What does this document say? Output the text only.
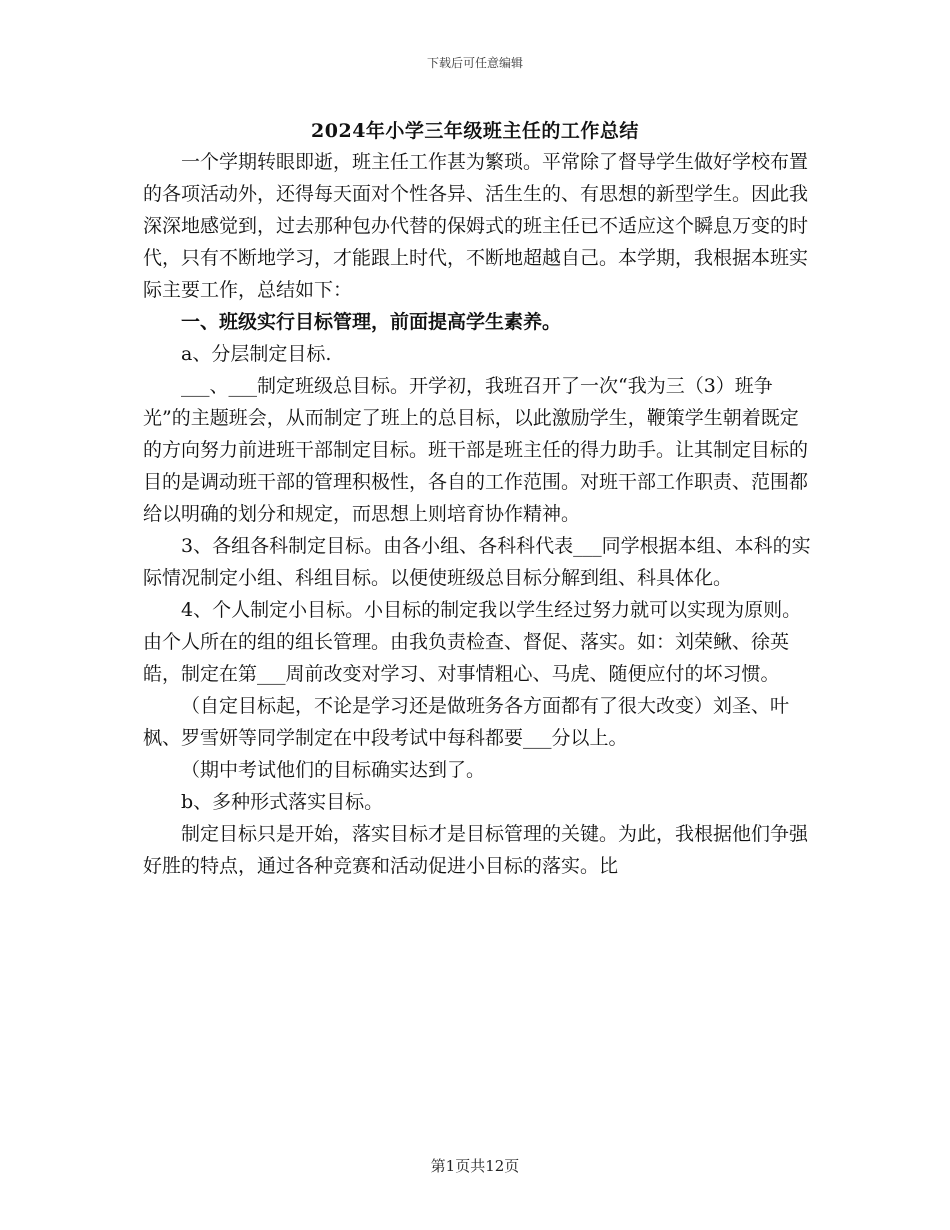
下载后可任意编辑
2024年小学三年级班主任的工作总结

一个学期转眼即逝，班主任工作甚为繁琐。平常除了督导学生做好学校布置的各项活动外，还得每天面对个性各异、活生生的、有思想的新型学生。因此我深深地感觉到，过去那种包办代替的保姆式的班主任已不适应这个瞬息万变的时代，只有不断地学习，才能跟上时代，不断地超越自己。本学期，我根据本班实际主要工作，总结如下：

一、班级实行目标管理，前面提高学生素养。

a、分层制定目标.

___、___制定班级总目标。开学初，我班召开了一次“我为三（3）班争光”的主题班会，从而制定了班上的总目标，以此激励学生，鞭策学生朝着既定的方向努力前进班干部制定目标。班干部是班主任的得力助手。让其制定目标的目的是调动班干部的管理积极性，各自的工作范围。对班干部工作职责、范围都给以明确的划分和规定，而思想上则培育协作精神。

3、各组各科制定目标。由各小组、各科科代表___同学根据本组、本科的实际情况制定小组、科组目标。以便使班级总目标分解到组、科具体化。

4、个人制定小目标。小目标的制定我以学生经过努力就可以实现为原则。由个人所在的组的组长管理。由我负责检查、督促、落实。如：刘荣鳅、徐英皓，制定在第___周前改变对学习、对事情粗心、马虎、随便应付的坏习惯。

（自定目标起，不论是学习还是做班务各方面都有了很大改变）刘圣、叶枫、罗雪妍等同学制定在中段考试中每科都要___分以上。

（期中考试他们的目标确实达到了。

b、多种形式落实目标。

制定目标只是开始，落实目标才是目标管理的关键。为此，我根据他们争强好胜的特点，通过各种竞赛和活动促进小目标的落实。比

第1页共12页
